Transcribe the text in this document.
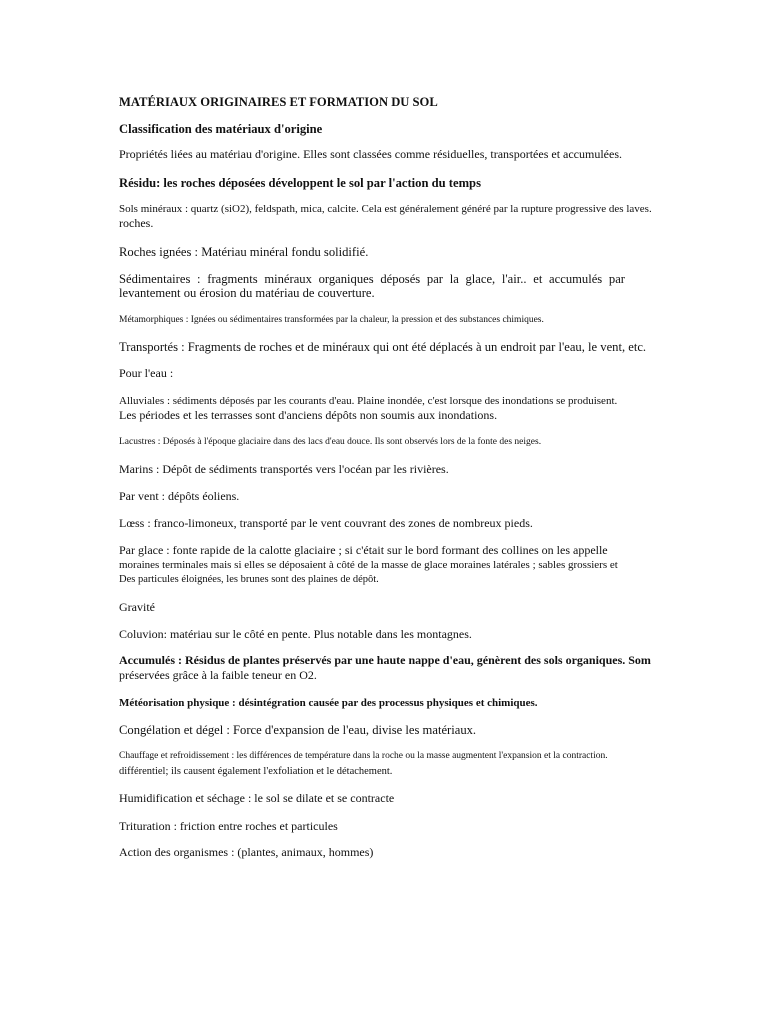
MATÉRIAUX ORIGINAIRES ET FORMATION DU SOL

Classification des matériaux d'origine

Propriétés liées au matériau d'origine. Elles sont classées comme résiduelles, transportées et accumulées.

Résidu: les roches déposées développent le sol par l'action du temps

Sols minéraux : quartz (siO2), feldspath, mica, calcite. Cela est généralement généré par la rupture progressive des laves.

roches.

Roches ignées : Matériau minéral fondu solidifié.

Sédimentaires : fragments minéraux organiques déposés par la glace, l'air.. et accumulés par

levantement ou érosion du matériau de couverture.

Métamorphiques : Ignées ou sédimentaires transformées par la chaleur, la pression et des substances chimiques.

Transportés : Fragments de roches et de minéraux qui ont été déplacés à un endroit par l'eau, le vent, etc.

Pour l'eau :

Alluviales : sédiments déposés par les courants d'eau. Plaine inondée, c'est lorsque des inondations se produisent.

Les périodes et les terrasses sont d'anciens dépôts non soumis aux inondations.

Lacustres : Déposés à l'époque glaciaire dans des lacs d'eau douce. Ils sont observés lors de la fonte des neiges.

Marins : Dépôt de sédiments transportés vers l'océan par les rivières.

Par vent : dépôts éoliens.

Lœss : franco-limoneux, transporté par le vent couvrant des zones de nombreux pieds.

Par glace : fonte rapide de la calotte glaciaire ; si c'était sur le bord formant des collines on les appelle

moraines terminales mais si elles se déposaient à côté de la masse de glace moraines latérales ; sables grossiers et

Des particules éloignées, les brunes sont des plaines de dépôt.

Gravité

Coluvion: matériau sur le côté en pente. Plus notable dans les montagnes.

Accumulés : Résidus de plantes préservés par une haute nappe d'eau, génèrent des sols organiques. Som

préservées grâce à la faible teneur en O2.

Météorisation physique : désintégration causée par des processus physiques et chimiques.

Congélation et dégel : Force d'expansion de l'eau, divise les matériaux.

Chauffage et refroidissement : les différences de température dans la roche ou la masse augmentent l'expansion et la contraction.

différentiel; ils causent également l'exfoliation et le détachement.

Humidification et séchage : le sol se dilate et se contracte

Trituration : friction entre roches et particules

Action des organismes : (plantes, animaux, hommes)
